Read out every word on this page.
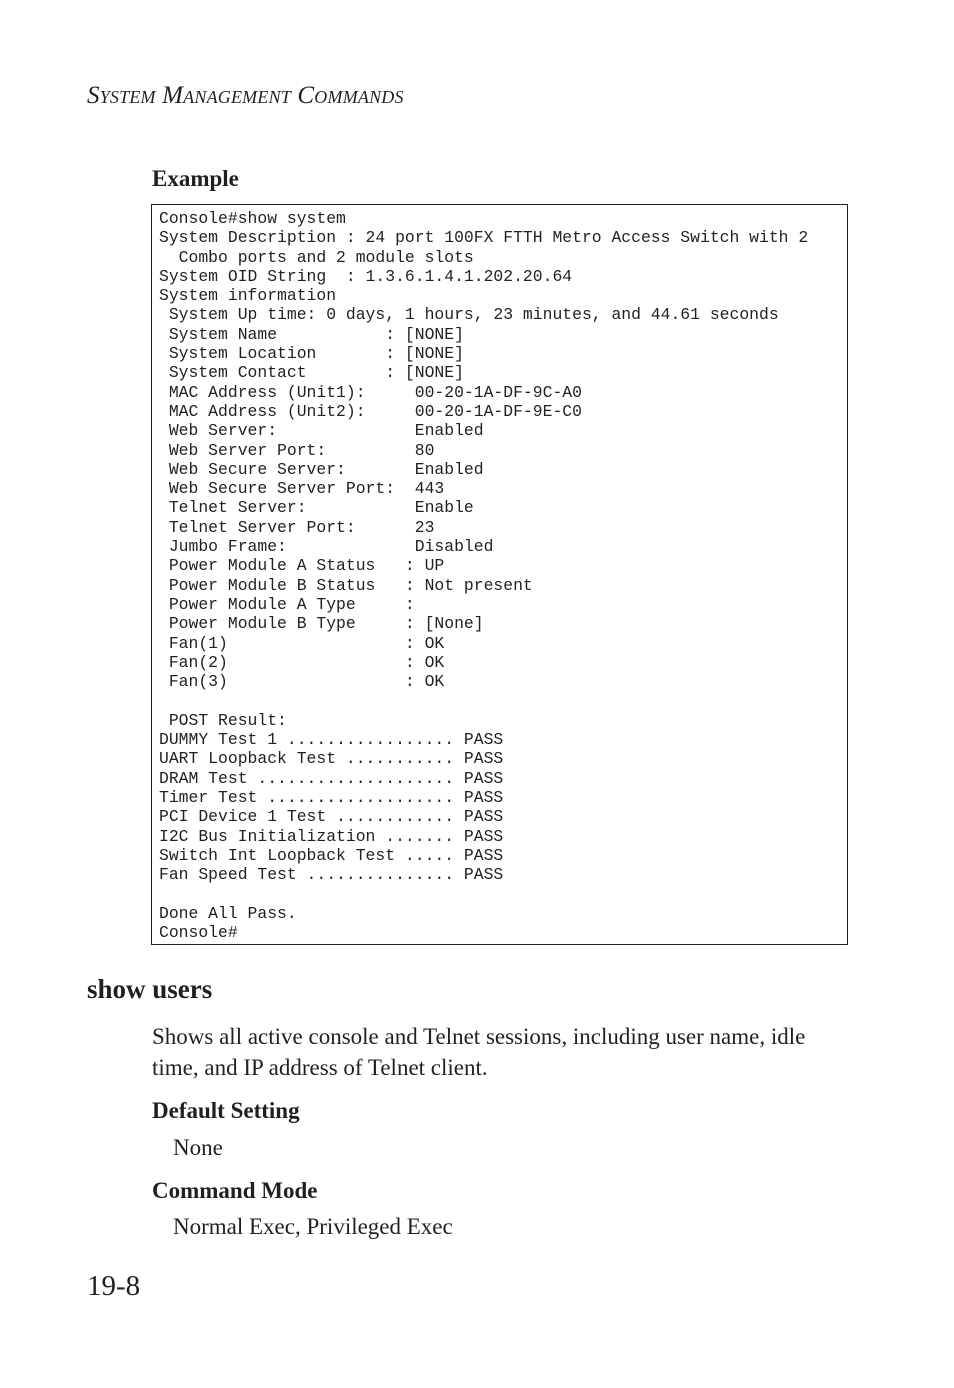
System Management Commands
Example
Console#show system
System Description : 24 port 100FX FTTH Metro Access Switch with 2
Combo ports and 2 module slots
System OID String  : 1.3.6.1.4.1.202.20.64
System information
System Up time: 0 days, 1 hours, 23 minutes, and 44.61 seconds
System Name           : [NONE]
System Location       : [NONE]
System Contact        : [NONE]
MAC Address (Unit1):     00-20-1A-DF-9C-A0
MAC Address (Unit2):     00-20-1A-DF-9E-C0
Web Server:              Enabled
Web Server Port:         80
Web Secure Server:       Enabled
Web Secure Server Port:  443
Telnet Server:           Enable
Telnet Server Port:      23
Jumbo Frame:             Disabled
Power Module A Status   : UP
Power Module B Status   : Not present
Power Module A Type     :
Power Module B Type     : [None]
Fan(1)                  : OK
Fan(2)                  : OK
Fan(3)                  : OK

POST Result:
DUMMY Test 1 ................. PASS
UART Loopback Test ........... PASS
DRAM Test .................... PASS
Timer Test ................... PASS
PCI Device 1 Test ............ PASS
I2C Bus Initialization ....... PASS
Switch Int Loopback Test ..... PASS
Fan Speed Test ............... PASS

Done All Pass.
Console#
show users
Shows all active console and Telnet sessions, including user name, idle time, and IP address of Telnet client.
Default Setting
None
Command Mode
Normal Exec, Privileged Exec
19-8
